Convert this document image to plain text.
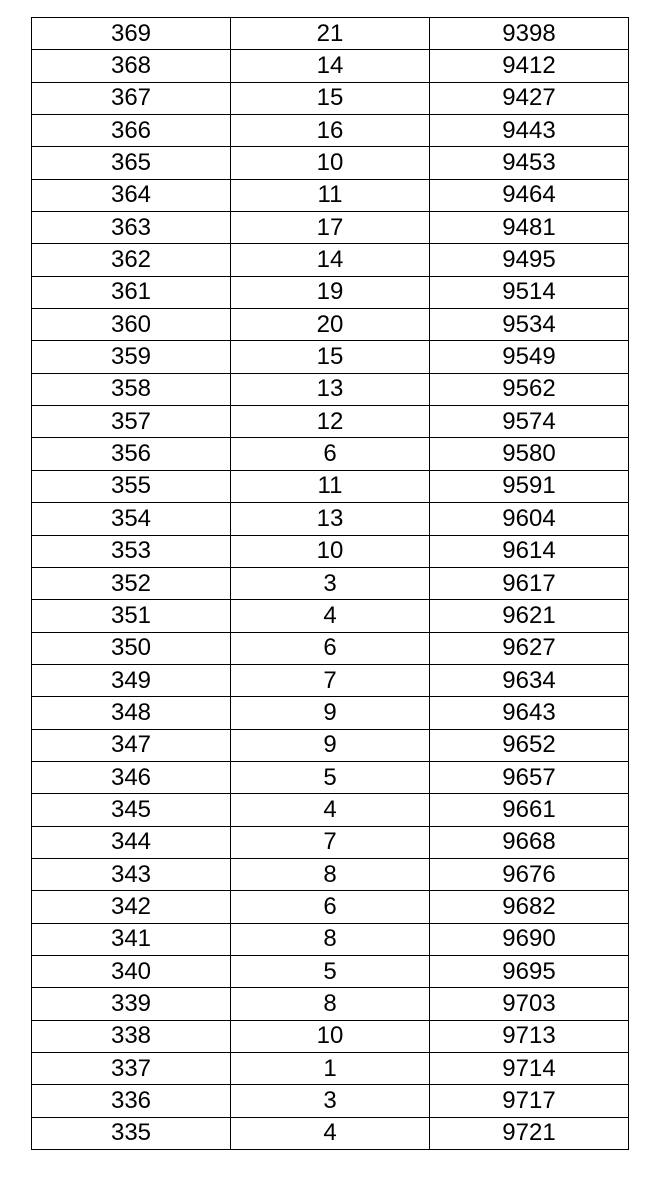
369	21	9398
368	14	9412
367	15	9427
366	16	9443
365	10	9453
364	11	9464
363	17	9481
362	14	9495
361	19	9514
360	20	9534
359	15	9549
358	13	9562
357	12	9574
356	6	9580
355	11	9591
354	13	9604
353	10	9614
352	3	9617
351	4	9621
350	6	9627
349	7	9634
348	9	9643
347	9	9652
346	5	9657
345	4	9661
344	7	9668
343	8	9676
342	6	9682
341	8	9690
340	5	9695
339	8	9703
338	10	9713
337	1	9714
336	3	9717
335	4	9721
